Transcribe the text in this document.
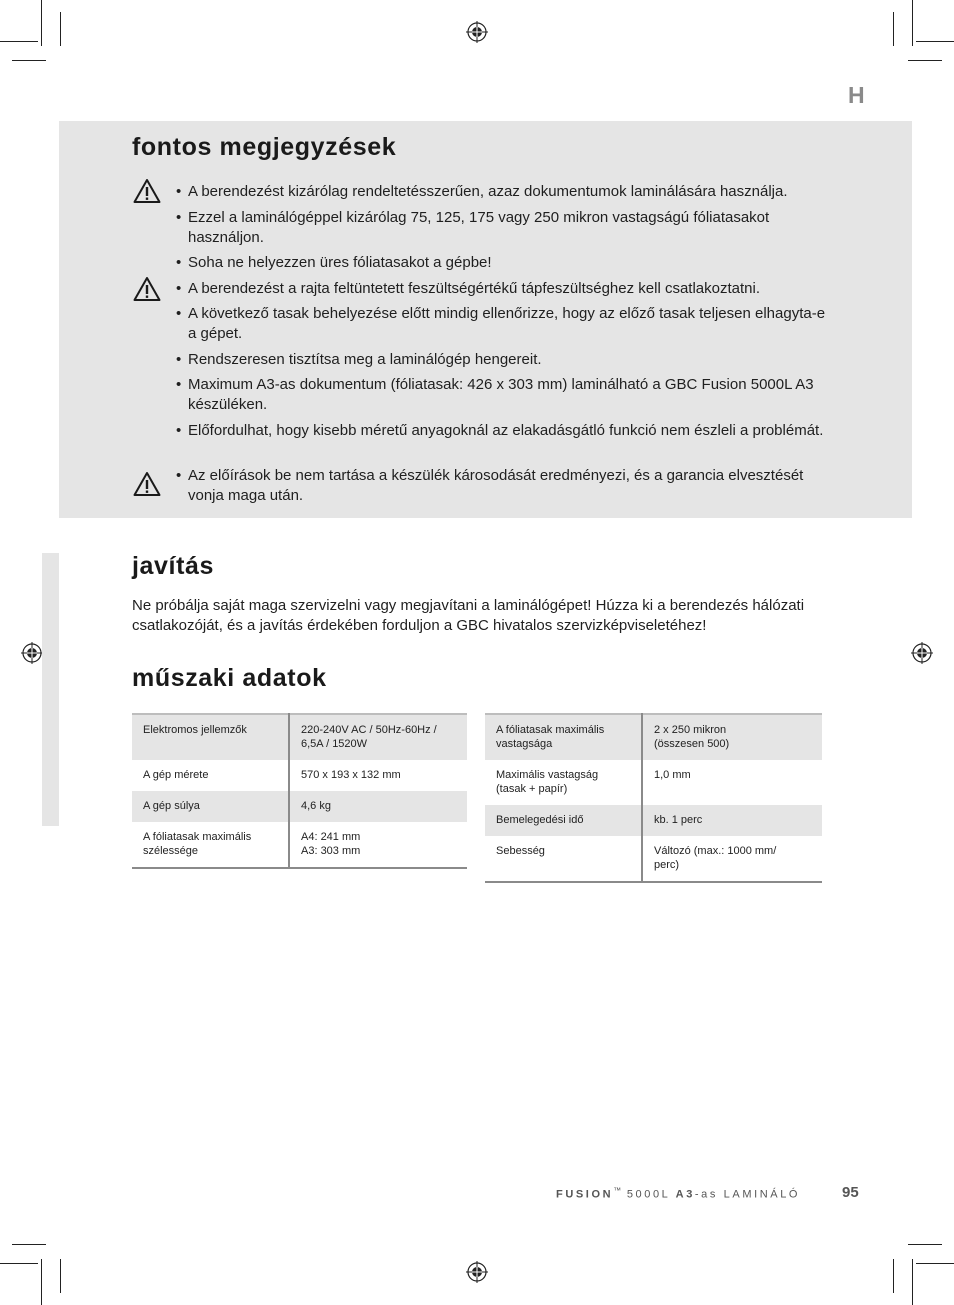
H
fontos megjegyzések
• A berendezést kizárólag rendeltetésszerűen, azaz dokumentumok laminálására használja.
• Ezzel a laminálógéppel kizárólag 75, 125, 175 vagy 250 mikron vastagságú fóliatasakot használjon.
• Soha ne helyezzen üres fóliatasakot a gépbe!
• A berendezést a rajta feltüntetett feszültségértékű tápfeszültséghez kell csatlakoztatni.
• A következő tasak behelyezése előtt mindig ellenőrizze, hogy az előző tasak teljesen elhagyta-e a gépet.
• Rendszeresen tisztítsa meg a laminálógép hengereit.
• Maximum A3-as dokumentum (fóliatasak: 426 x 303 mm) laminálható a GBC Fusion 5000L A3 készüléken.
• Előfordulhat, hogy kisebb méretű anyagoknál az elakadásgátló funkció nem észleli a problémát.
• Az előírások be nem tartása a készülék károsodását eredményezi, és a garancia elvesztését vonja maga után.
javítás

Ne próbálja saját maga szervizelni vagy megjavítani a laminálógépet! Húzza ki a berendezés hálózati csatlakozóját, és a javítás érdekében forduljon a GBC hivatalos szervizképviseletéhez!

műszaki adatok
Elektromos jellemzők	220-240V AC / 50Hz-60Hz / 6,5A / 1520W
A gép mérete	570 x 193 x 132 mm
A gép súlya	4,6 kg
A fóliatasak maximális szélessége	A4: 241 mm
A3: 303 mm
A fóliatasak maximális vastagsága	2 x 250 mikron
(összesen 500)
Maximális vastagság
(tasak + papír)	1,0 mm
Bemelegedési idő	kb. 1 perc
Sebesség	Változó (max.: 1000 mm/
perc)
FUSION™ 5000L A3-as LAMINÁLÓ	95
